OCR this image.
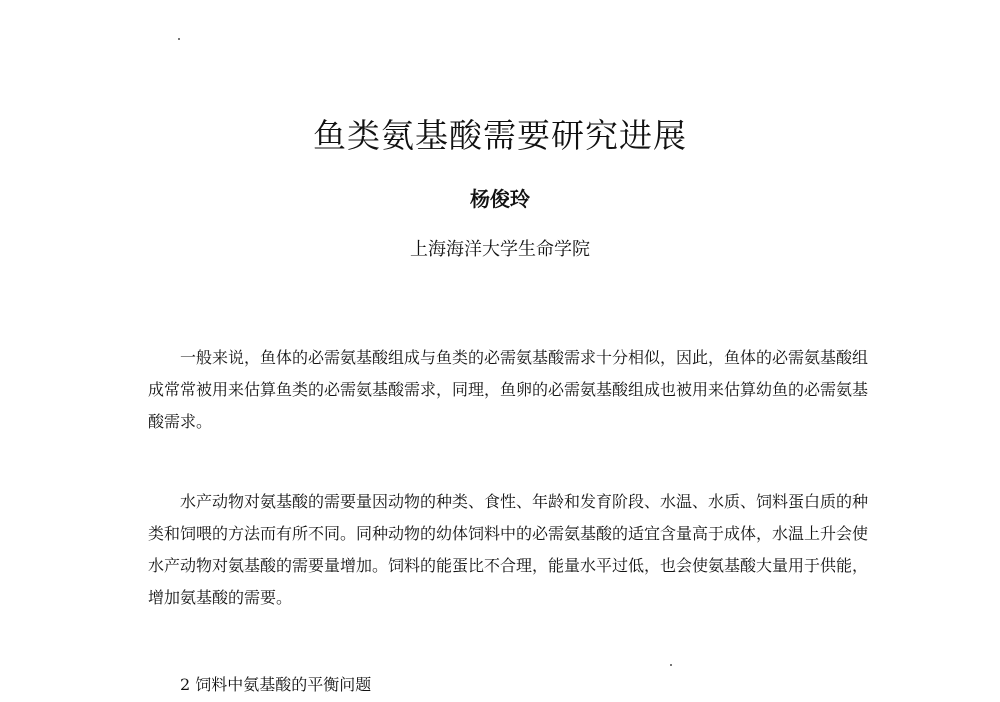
鱼类氨基酸需要研究进展
杨俊玲
上海海洋大学生命学院

一般来说，鱼体的必需氨基酸组成与鱼类的必需氨基酸需求十分相似，因此，鱼体的必需氨基酸组成常常被用来估算鱼类的必需氨基酸需求，同理，鱼卵的必需氨基酸组成也被用来估算幼鱼的必需氨基酸需求。

水产动物对氨基酸的需要量因动物的种类、食性、年龄和发育阶段、水温、水质、饲料蛋白质的种类和饲喂的方法而有所不同。同种动物的幼体饲料中的必需氨基酸的适宜含量高于成体，水温上升会使水产动物对氨基酸的需要量增加。饲料的能蛋比不合理，能量水平过低，也会使氨基酸大量用于供能，增加氨基酸的需要。

2 饲料中氨基酸的平衡问题
